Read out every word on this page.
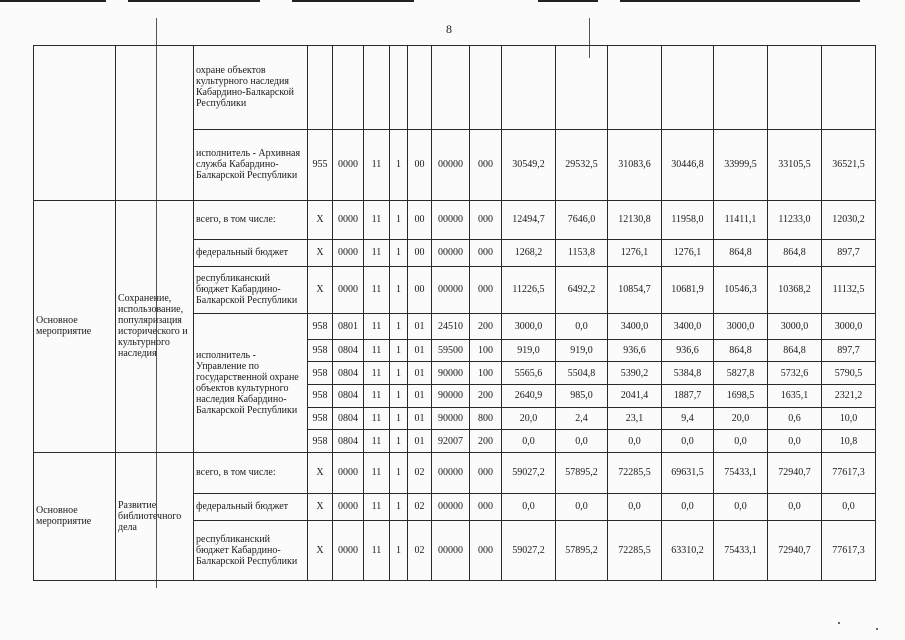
8
		охране объектов культурного наследия Кабардино-Балкарской Республики														
		исполнитель - Архивная служба Кабардино-Балкарской Республики	955	0000	11	1	00	00000	000	30549,2	29532,5	31083,6	30446,8	33999,5	33105,5	36521,5
Основное мероприятие	Сохранение, использование, популяризация исторического и культурного наследия	всего, в том числе:	X	0000	11	1	00	00000	000	12494,7	7646,0	12130,8	11958,0	11411,1	11233,0	12030,2
		федеральный бюджет	X	0000	11	1	00	00000	000	1268,2	1153,8	1276,1	1276,1	864,8	864,8	897,7
		республиканский бюджет Кабардино-Балкарской Республики	X	0000	11	1	00	00000	000	11226,5	6492,2	10854,7	10681,9	10546,3	10368,2	11132,5
		исполнитель - Управление по государственной охране объектов культурного наследия Кабардино-Балкарской Республики	958	0801	11	1	01	24510	200	3000,0	0,0	3400,0	3400,0	3000,0	3000,0	3000,0
			958	0804	11	1	01	59500	100	919,0	919,0	936,6	936,6	864,8	864,8	897,7
			958	0804	11	1	01	90000	100	5565,6	5504,8	5390,2	5384,8	5827,8	5732,6	5790,5
			958	0804	11	1	01	90000	200	2640,9	985,0	2041,4	1887,7	1698,5	1635,1	2321,2
			958	0804	11	1	01	90000	800	20,0	2,4	23,1	9,4	20,0	0,6	10,0
			958	0804	11	1	01	92007	200	0,0	0,0	0,0	0,0	0,0	0,0	10,8
Основное мероприятие	Развитие библиотечного дела	всего, в том числе:	X	0000	11	1	02	00000	000	59027,2	57895,2	72285,5	69631,5	75433,1	72940,7	77617,3
		федеральный бюджет	X	0000	11	1	02	00000	000	0,0	0,0	0,0	0,0	0,0	0,0	0,0
		республиканский бюджет Кабардино-Балкарской Республики	X	0000	11	1	02	00000	000	59027,2	57895,2	72285,5	63310,2	75433,1	72940,7	77617,3
